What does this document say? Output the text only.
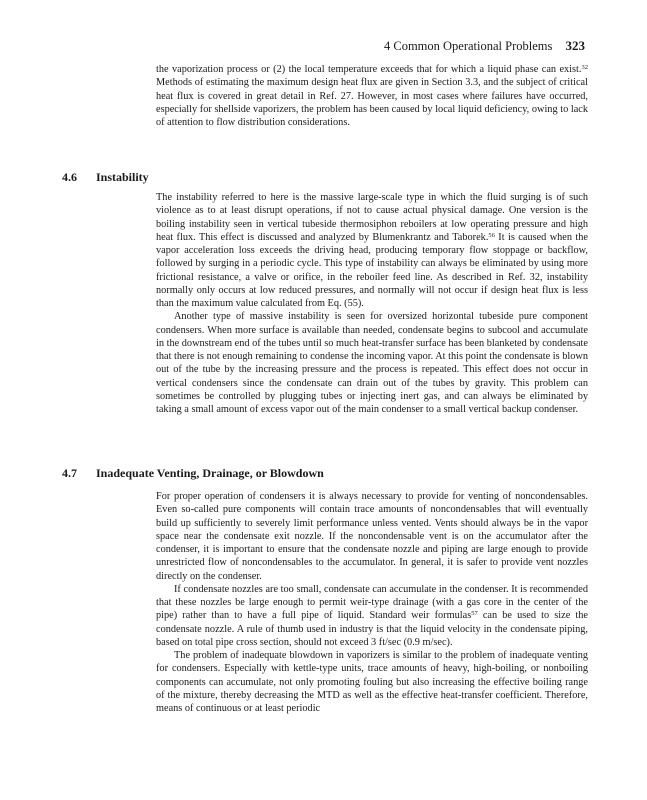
4 Common Operational Problems 323

the vaporization process or (2) the local temperature exceeds that for which a liquid phase can exist.$^{32}$ Methods of estimating the maximum design heat flux are given in Section 3.3, and the subject of critical heat flux is covered in great detail in Ref. 27. However, in most cases where failures have occurred, especially for shellside vaporizers, the problem has been caused by local liquid deficiency, owing to lack of attention to flow distribution considerations.

4.6 Instability

The instability referred to here is the massive large-scale type in which the fluid surging is of such violence as to at least disrupt operations, if not to cause actual physical damage. One version is the boiling instability seen in vertical tubeside thermosiphon reboilers at low operating pressure and high heat flux. This effect is discussed and analyzed by Blumenkrantz and Taborek.$^{56}$ It is caused when the vapor acceleration loss exceeds the driving head, producing temporary flow stoppage or backflow, followed by surging in a periodic cycle. This type of instability can always be eliminated by using more frictional resistance, a valve or orifice, in the reboiler feed line. As described in Ref. 32, instability normally only occurs at low reduced pressures, and normally will not occur if design heat flux is less than the maximum value calculated from Eq. (55).

Another type of massive instability is seen for oversized horizontal tubeside pure component condensers. When more surface is available than needed, condensate begins to subcool and accumulate in the downstream end of the tubes until so much heat-transfer surface has been blanketed by condensate that there is not enough remaining to condense the incoming vapor. At this point the condensate is blown out of the tube by the increasing pressure and the process is repeated. This effect does not occur in vertical condensers since the condensate can drain out of the tubes by gravity. This problem can sometimes be controlled by plugging tubes or injecting inert gas, and can always be eliminated by taking a small amount of excess vapor out of the main condenser to a small vertical backup condenser.

4.7 Inadequate Venting, Drainage, or Blowdown

For proper operation of condensers it is always necessary to provide for venting of noncondensables. Even so-called pure components will contain trace amounts of noncondensables that will eventually build up sufficiently to severely limit performance unless vented. Vents should always be in the vapor space near the condensate exit nozzle. If the noncondensable vent is on the accumulator after the condenser, it is important to ensure that the condensate nozzle and piping are large enough to provide unrestricted flow of noncondensables to the accumulator. In general, it is safer to provide vent nozzles directly on the condenser.

If condensate nozzles are too small, condensate can accumulate in the condenser. It is recommended that these nozzles be large enough to permit weir-type drainage (with a gas core in the center of the pipe) rather than to have a full pipe of liquid. Standard weir formulas$^{57}$ can be used to size the condensate nozzle. A rule of thumb used in industry is that the liquid velocity in the condensate piping, based on total pipe cross section, should not exceed 3 ft/sec (0.9 m/sec).

The problem of inadequate blowdown in vaporizers is similar to the problem of inadequate venting for condensers. Especially with kettle-type units, trace amounts of heavy, high-boiling, or nonboiling components can accumulate, not only promoting fouling but also increasing the effective boiling range of the mixture, thereby decreasing the MTD as well as the effective heat-transfer coefficient. Therefore, means of continuous or at least periodic
